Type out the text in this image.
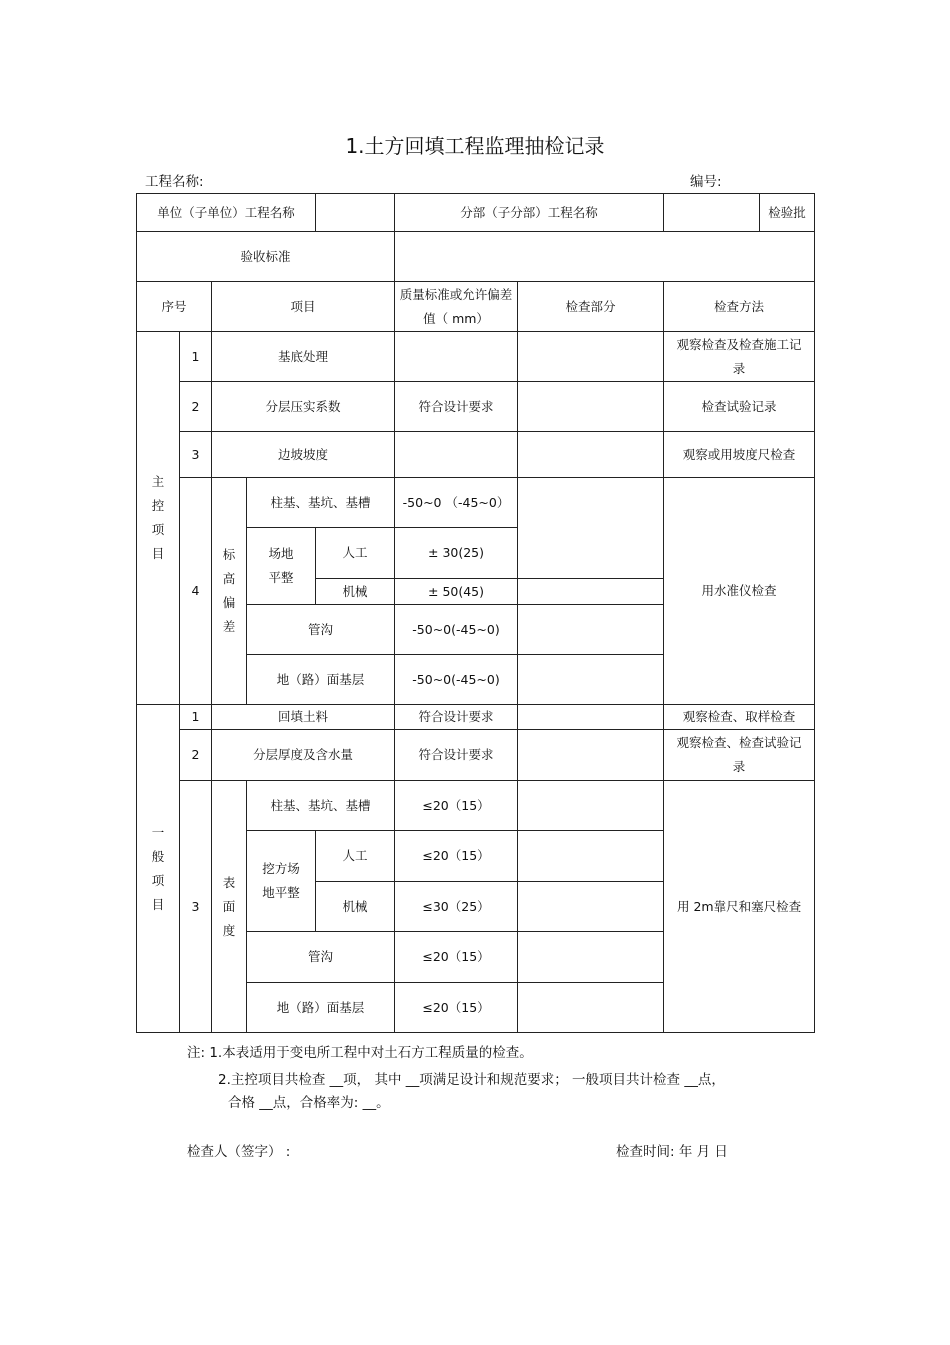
1.土方回填工程监理抽检记录
工程名称:	编号:
单位（子单位）工程名称					分部（子分部）工程名称			检验批
验收标准								
序号		项目			质量标准或允许偏差值（ mm）	检查部分	检查方法	
主控项目	1	基底处理					观察检查及检查施工记录	
	2	分层压实系数			符合设计要求		检查试验记录	
	3	边坡坡度					观察或用坡度尺检查	
	4	标高偏差	柱基、基坑、基槽		-50~0 （-45~0）		用水准仪检查	
			场地平整	人工	± 30(25)			
				机械	± 50(45)			
			管沟		-50~0(-45~0)			
			地（路）面基层		-50~0(-45~0)			
一般项目	1	回填土料			符合设计要求		观察检查、取样检查	
	2	分层厚度及含水量			符合设计要求		观察检查、检查试验记录	
	3	表面度	柱基、基坑、基槽		≤20（15）		用 2m靠尺和塞尺检查	
			挖方场地平整	人工	≤20（15）			
				机械	≤30（25）			
			管沟		≤20（15）			
			地（路）面基层		≤20（15）			
注: 1.本表适用于变电所工程中对土石方工程质量的检查。
2.主控项目共检查 __项， 其中 __项满足设计和规范要求； 一般项目共计检查 __点，
合格 __点，合格率为: __。
检查人（签字） :	检查时间: 年 月 日
